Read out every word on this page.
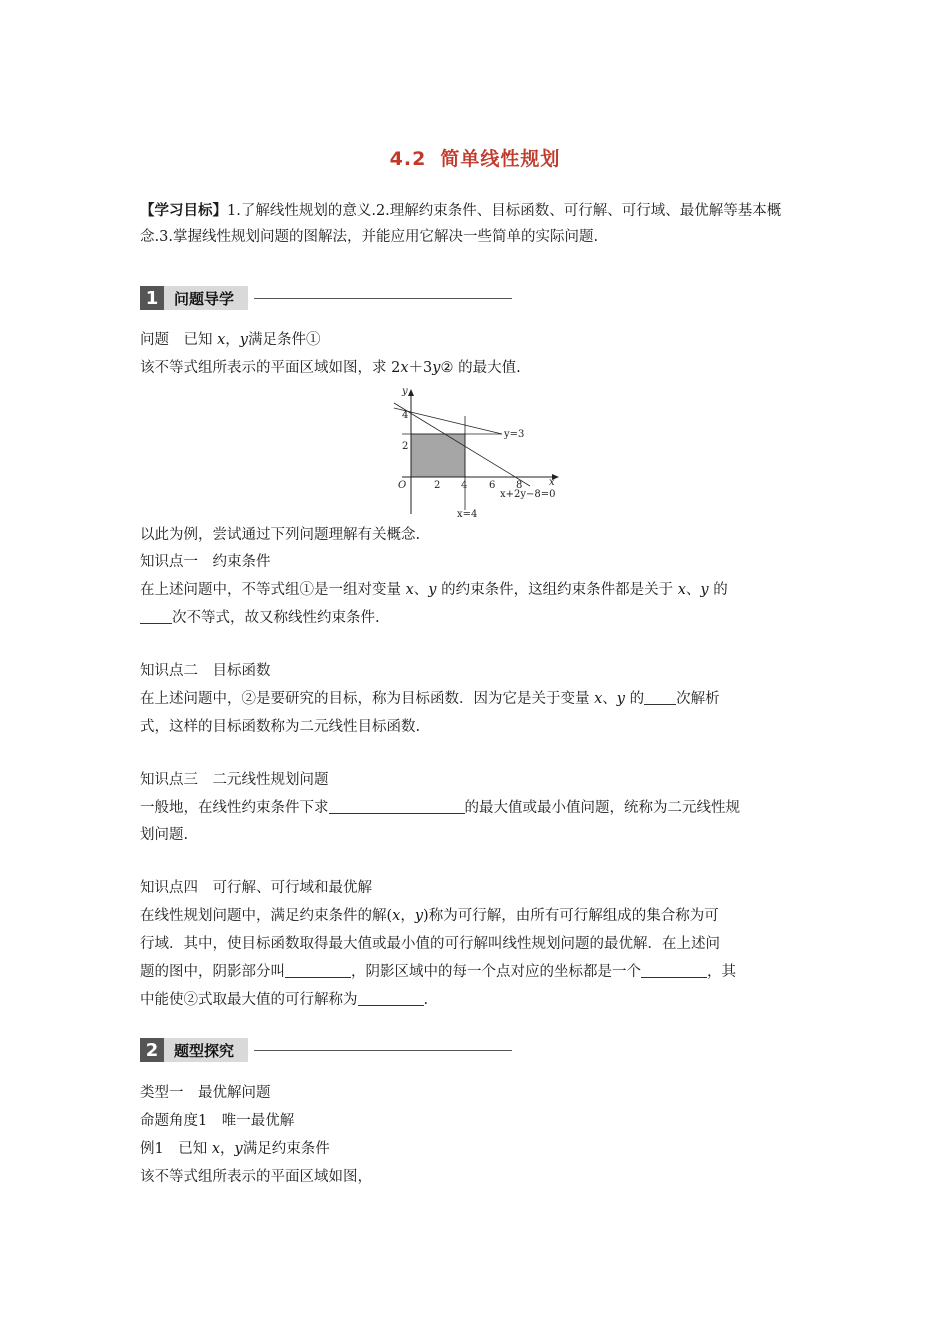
4.2 简单线性规划
【学习目标】1.了解线性规划的意义.2.理解约束条件、目标函数、可行解、可行域、最优解等基本概念.3.掌握线性规划问题的图解法，并能应用它解决一些简单的实际问题.
1	问题导学
问题　已知 x，y满足条件①
该不等式组所表示的平面区域如图，求 2x＋3y② 的最大值.
y
x
O	2 4 6 8
2
4
y=3
x=4
x+2y−8=0
以此为例，尝试通过下列问题理解有关概念.
知识点一　约束条件
在上述问题中，不等式组①是一组对变量 x、y 的约束条件，这组约束条件都是关于 x、y 的
次不等式，故又称线性约束条件.
知识点二　目标函数
在上述问题中，②是要研究的目标，称为目标函数．因为它是关于变量 x、y 的 次解析
式，这样的目标函数称为二元线性目标函数.
知识点三　二元线性规划问题
一般地，在线性约束条件下求	的最大值或最小值问题，统称为二元线性规
划问题.
知识点四　可行解、可行域和最优解
在线性规划问题中，满足约束条件的解(x，y)称为可行解，由所有可行解组成的集合称为可
行域．其中，使目标函数取得最大值或最小值的可行解叫线性规划问题的最优解．在上述问
题的图中，阴影部分叫	，阴影区域中的每一个点对应的坐标都是一个	，其
中能使②式取最大值的可行解称为	.
2	题型探究
类型一　最优解问题
命题角度1　唯一最优解
例1　已知 x，y满足约束条件
该不等式组所表示的平面区域如图，
